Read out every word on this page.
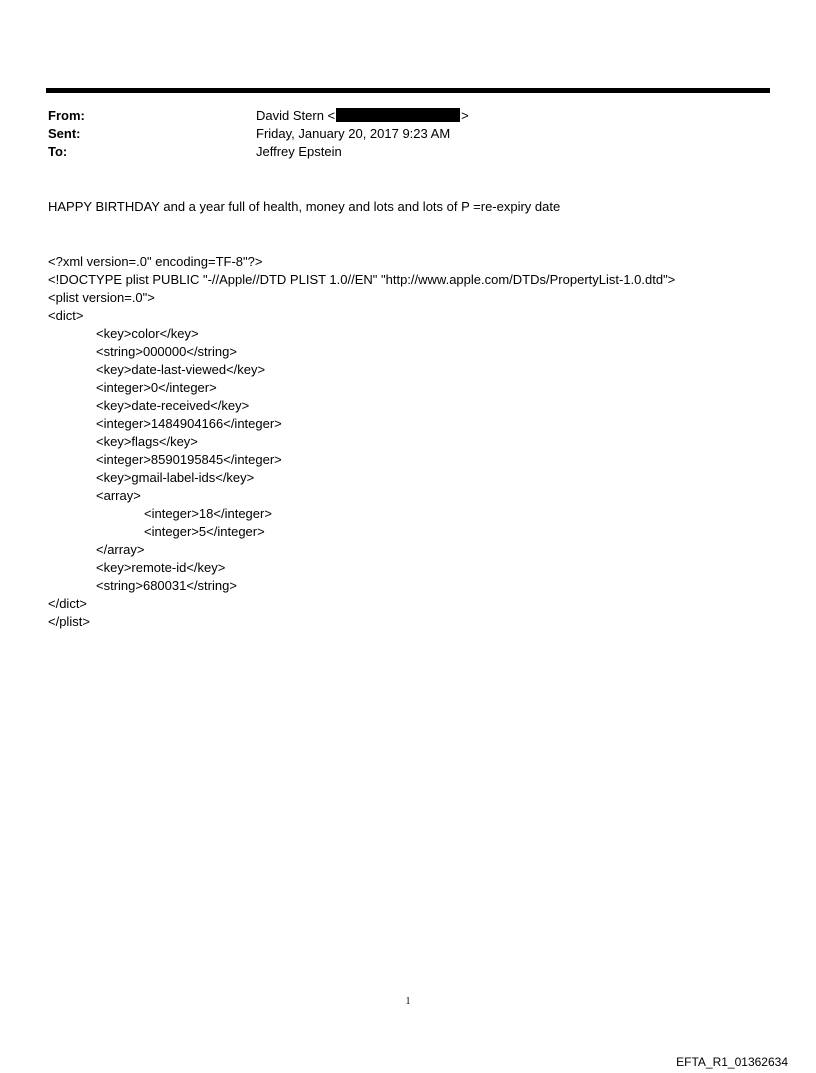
From:	David Stern <	>
Sent:	Friday, January 20, 2017 9:23 AM
To:	Jeffrey Epstein
HAPPY BIRTHDAY and a year full of health, money and lots and lots of P =re-expiry date
<?xml version=.0" encoding=TF-8"?>
<!DOCTYPE plist PUBLIC "-//Apple//DTD PLIST 1.0//EN" "http://www.apple.com/DTDs/PropertyList-1.0.dtd">
<plist version=.0">
<dict>
<key>color</key>
<string>000000</string>
<key>date-last-viewed</key>
<integer>0</integer>
<key>date-received</key>
<integer>1484904166</integer>
<key>flags</key>
<integer>8590195845</integer>
<key>gmail-label-ids</key>
<array>
<integer>18</integer>
<integer>5</integer>
</array>
<key>remote-id</key>
<string>680031</string>
</dict>
</plist>
1
EFTA_R1_01362634
